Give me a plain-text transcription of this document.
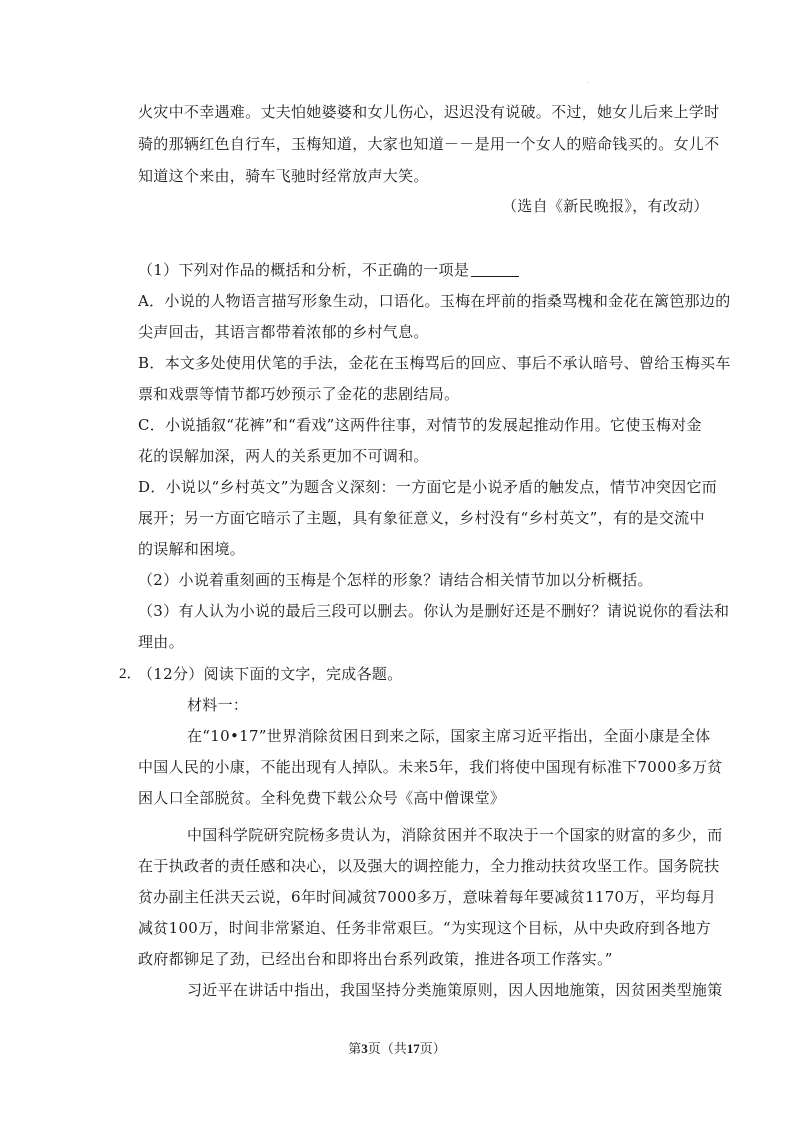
·
火灾中不幸遇难。丈夫怕她婆婆和女儿伤心，迟迟没有说破。不过，她女儿后来上学时
骑的那辆红色自行车，玉梅知道，大家也知道－－是用一个女人的赔命钱买的。女儿不
知道这个来由，骑车飞驰时经常放声大笑。
（选自《新民晚报》，有改动）
（1）下列对作品的概括和分析，不正确的一项是
A．小说的人物语言描写形象生动，口语化。玉梅在坪前的指桑骂槐和金花在篱笆那边的
尖声回击，其语言都带着浓郁的乡村气息。
B．本文多处使用伏笔的手法，金花在玉梅骂后的回应、事后不承认暗号、曾给玉梅买车
票和戏票等情节都巧妙预示了金花的悲剧结局。
C．小说插叙“花裤”和“看戏”这两件往事，对情节的发展起推动作用。它使玉梅对金
花的误解加深，两人的关系更加不可调和。
D．小说以“乡村英文”为题含义深刻：一方面它是小说矛盾的触发点，情节冲突因它而
展开；另一方面它暗示了主题，具有象征意义，乡村没有“乡村英文”，有的是交流中
的误解和困境。
（2）小说着重刻画的玉梅是个怎样的形象？请结合相关情节加以分析概括。
（3）有人认为小说的最后三段可以删去。你认为是删好还是不删好？请说说你的看法和
理由。
2．
（12分）阅读下面的文字，完成各题。
材料一：
在“10•17”世界消除贫困日到来之际，国家主席习近平指出，全面小康是全体
中国人民的小康，不能出现有人掉队。未来5年，我们将使中国现有标准下7000多万贫
困人口全部脱贫。全科免费下载公众号《高中僧课堂》
中国科学院研究院杨多贵认为，消除贫困并不取决于一个国家的财富的多少，而
在于执政者的责任感和决心，以及强大的调控能力，全力推动扶贫攻坚工作。国务院扶
贫办副主任洪天云说，6年时间减贫7000多万，意味着每年要减贫1170万，平均每月
减贫100万，时间非常紧迫、任务非常艰巨。“为实现这个目标，从中央政府到各地方
政府都铆足了劲，已经出台和即将出台系列政策，推进各项工作落实。”
习近平在讲话中指出，我国坚持分类施策原则，因人因地施策，因贫困类型施策
第3页（共17页）
